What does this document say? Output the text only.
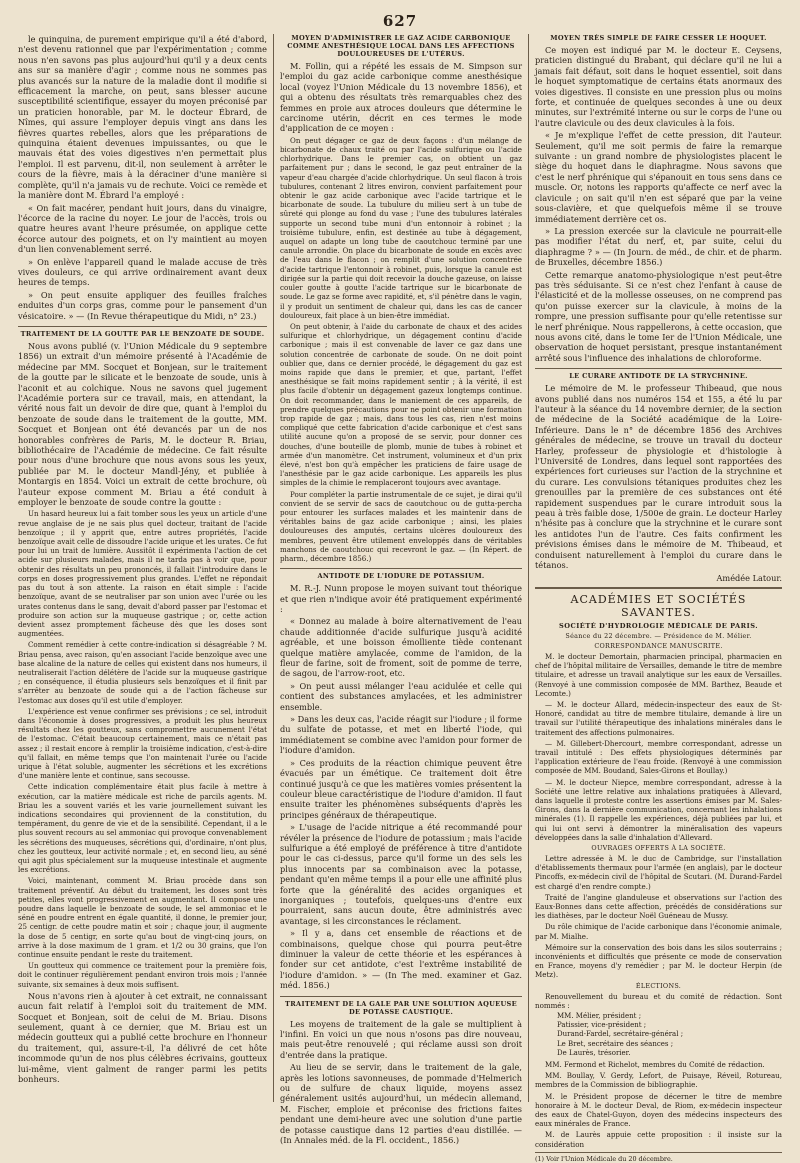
627

le quinquina, de purement empirique qu'il a été d'abord, n'est devenu rationnel que par l'expérimentation ; comme nous n'en savons pas plus aujourd'hui qu'il y a deux cents ans sur sa manière d'agir ; comme nous ne sommes pas plus avancés sur la nature de la maladie dont il modifie si efficacement la marche, on peut, sans blesser aucune susceptibilité scientifique, essayer du moyen préconisé par un praticien honorable, par M. le docteur Ébrard, de Nîmes, qui assure l'employer depuis vingt ans dans les fièvres quartes rebelles, alors que les préparations de quinquina étaient devenues impuissantes, ou que le mauvais état des voies digestives n'en permettait plus l'emploi. Il est parvenu, dit-il, non seulement à arrêter le cours de la fièvre, mais à la déraciner d'une manière si complète, qu'il n'a jamais vu de rechute. Voici ce remède et la manière dont M. Ébrard l'a employé :

« On fait macérer, pendant huit jours, dans du vinaigre, l'écorce de la racine du noyer. Le jour de l'accès, trois ou quatre heures avant l'heure présumée, on applique cette écorce autour des poignets, et on l'y maintient au moyen d'un lien convenablement serré.

» On enlève l'appareil quand le malade accuse de très vives douleurs, ce qui arrive ordinairement avant deux heures de temps.

» On peut ensuite appliquer des feuilles fraîches enduites d'un corps gras, comme pour le pansement d'un vésicatoire. » — (In Revue thérapeutique du Midi, n° 23.)

TRAITEMENT DE LA GOUTTE PAR LE BENZOATE DE SOUDE.

Nous avons publié (v. l'Union Médicale du 9 septembre 1856) un extrait d'un mémoire présenté à l'Académie de médecine par MM. Socquet et Bonjean, sur le traitement de la goutte par le silicate et le benzoate de soude, unis à l'aconit et au colchique. Nous ne savons quel jugement l'Académie portera sur ce travail, mais, en attendant, la vérité nous fait un devoir de dire que, quant à l'emploi du benzoate de soude dans le traitement de la goutte, MM. Socquet et Bonjean ont été devancés par un de nos honorables confrères de Paris, M. le docteur R. Briau, bibliothécaire de l'Académie de médecine. Ce fait résulte pour nous d'une brochure que nous avons sous les yeux, publiée par M. le docteur Mandl-Jény, et publiée à Montargis en 1854. Voici un extrait de cette brochure, où l'auteur expose comment M. Briau a été conduit à employer le benzoate de soude contre la goutte :

Un hasard heureux lui a fait tomber sous les yeux un article d'une revue anglaise de je ne sais plus quel docteur, traitant de l'acide benzoïque ; il y apprit que, entre autres propriétés, l'acide benzoïque avait celle de dissoudre l'acide urique et les urates. Ce fut pour lui un trait de lumière. Aussitôt il expérimenta l'action de cet acide sur plusieurs malades, mais il ne tarda pas à voir que, pour obtenir des résultats un peu prononcés, il fallait l'introduire dans le corps en doses progressivement plus grandes. L'effet ne répondait pas du tout à son attente. La raison en était simple : l'acide benzoïque, avant de se neutraliser par son union avec l'urée ou les urates contenus dans le sang, devait d'abord passer par l'estomac et produire son action sur la muqueuse gastrique ; or, cette action devient assez promptement fâcheuse dès que les doses sont augmentées.

Comment remédier à cette contre-indication si désagréable ? M. Briau pensa, avec raison, qu'en associant l'acide benzoïque avec une base alcaline de la nature de celles qui existent dans nos humeurs, il neutraliserait l'action délétère de l'acide sur la muqueuse gastrique ; en conséquence, il étudia plusieurs sels benzoïques et il finit par s'arrêter au benzoate de soude qui a de l'action fâcheuse sur l'estomac aux doses qu'il est utile d'employer.

L'expérience est venue confirmer ses prévisions ; ce sel, introduit dans l'économie à doses progressives, a produit les plus heureux résultats chez les goutteux, sans compromettre aucunement l'état de l'estomac. C'était beaucoup certainement, mais ce n'était pas assez ; il restait encore à remplir la troisième indication, c'est-à-dire qu'il fallait, en même temps que l'on maintenait l'urée ou l'acide urique à l'état soluble, augmenter les sécrétions et les excrétions d'une manière lente et continue, sans secousse.

Cette indication complémentaire était plus facile à mettre à exécution, car la matière médicale est riche de parcils agents. M. Briau les a souvent variés et les varie journellement suivant les indications secondaires qui proviennent de la constitution, du tempérament, du genre de vie et de la sensibilité. Cependant, il a le plus souvent recours au sel ammoniac qui provoque convenablement les sécrétions des muqueuses, sécrétions qui, d'ordinaire, n'ont plus, chez les goutteux, leur activité normale ; et, en second lieu, au séné qui agit plus spécialement sur la muqueuse intestinale et augmente les excrétions.

Voici, maintenant, comment M. Briau procède dans son traitement préventif. Au début du traitement, les doses sont très petites, elles vont progressivement en augmentant. Il compose une poudre dans laquelle le benzoate de soude, le sel ammoniac et le séné en poudre entrent en égale quantité, il donne, le premier jour, 25 centigr. de cette poudre matin et soir ; chaque jour, il augmente la dose de 5 centigr, en sorte qu'au bout de vingt-cinq jours, on arrive à la dose maximum de 1 gram. et 1/2 ou 30 grains, que l'on continue ensuite pendant le reste du traitement.

Un goutteux qui commence ce traitement pour la première fois, doit le continuer régulièrement pendant environ trois mois ; l'année suivante, six semaines à deux mois suffisent.

Nous n'avons rien à ajouter à cet extrait, ne connaissant aucun fait relatif à l'emploi soit du traitement de MM. Socquet et Bonjean, soit de celui de M. Briau. Disons seulement, quant à ce dernier, que M. Briau est un médecin goutteux qui a publié cette brochure en l'honneur du traitement, qui, assure-t-il, l'a délivré de cet hôte incommode qu'un de nos plus célèbres écrivains, goutteux lui-même, vient galment de ranger parmi les petits bonheurs.

MOYEN D'ADMINISTRER LE GAZ ACIDE CARBONIQUE COMME ANESTHÉSIQUE LOCAL DANS LES AFFECTIONS DOULOUREUSES DE L'UTÉRUS.

M. Follin, qui a répété les essais de M. Simpson sur l'emploi du gaz acide carbonique comme anesthésique local (voyez l'Union Médicale du 13 novembre 1856), et qui a obtenu des résultats très remarquables chez des femmes en proie aux atroces douleurs que détermine le carcinome utérin, décrit en ces termes le mode d'application de ce moyen :

On peut dégager ce gaz de deux façons : d'un mélange de bicarbonate de chaux traité ou par l'acide sulfurique ou l'acide chlorhydrique. Dans le premier cas, on obtient un gaz parfaitement pur ; dans le second, le gaz peut entraîner de la vapeur d'eau chargée d'acide chlorhydrique. Un seul flacon à trois tubulures, contenant 2 litres environ, convient parfaitement pour obtenir le gaz acide carbonique avec l'acide tartrique et le bicarbonate de soude. La tubulure du milieu sert à un tube de sûreté qui plonge au fond du vase ; l'une des tubulures latérales supporte un second tube muni d'un entonnoir à robinet ; la troisième tubulure, enfin, est destinée au tube à dégagement, auquel on adapte un long tube de caoutchouc terminé par une canule arrondie. On place du bicarbonate de soude en excès avec de l'eau dans le flacon ; on remplit d'une solution concentrée d'acide tartrique l'entonnoir à robinet, puis, lorsque la canule est dirigée sur la partie qui doit recevoir la douche gazeuse, on laisse couler goutte à goutte l'acide tartrique sur le bicarbonate de soude. Le gaz se forme avec rapidité, et, s'il pénètre dans le vagin, il y produit un sentiment de chaleur qui, dans les cas de cancer douloureux, fait place à un bien-être immédiat.

On peut obtenir, à l'aide du carbonate de chaux et des acides sulfurique et chlorhydrique, un dégagement continu d'acide carbonique ; mais il est convenable de laver ce gaz dans une solution concentrée de carbonate de soude. On ne doit point oublier que, dans ce dernier procédé, le dégagement du gaz est moins rapide que dans le premier, et que, partant, l'effet anesthésique se fait moins rapidement sentir ; à la vérité, il est plus facile d'obtenir un dégagement gazeux longtemps continue. On doit recommander, dans le maniement de ces appareils, de prendre quelques précautions pour ne point obtenir une formation trop rapide de gaz ; mais, dans tous les cas, rien n'est moins compliqué que cette fabrication d'acide carbonique et c'est sans utilité aucune qu'on a proposé de se servir, pour donner ces douches, d'une bouteille de plomb, munie de tubes à robinet et armée d'un manomètre. Cet instrument, volumineux et d'un prix élevé, n'est bon qu'à empêcher les praticiens de faire usage de l'anesthésie par le gaz acide carbonique. Les appareils les plus simples de la chimie le remplaceront toujours avec avantage.

Pour compléter la partie instrumentale de ce sujet, je dirai qu'il convient de se servir de sacs de caoutchouc ou de gutta-percha pour entourer les surfaces malades et les maintenir dans de véritables bains de gaz acide carbonique ; ainsi, les plaies douloureuses des amputés, certains ulcères douloureux des membres, peuvent être utilement enveloppés dans de véritables manchons de caoutchouc qui recevront le gaz. — (In Répert. de pharm., décembre 1856.)

ANTIDOTE DE L'IODURE DE POTASSIUM.

M. R.-J. Nunn propose le moyen suivant tout théorique et que rien n'indique avoir été pratiquement expérimenté :

« Donnez au malade à boire alternativement de l'eau chaude additionnée d'acide sulfurique jusqu'à acidité agréable, et une boisson émolliente tiède contenant quelque matière amylacée, comme de l'amidon, de la fleur de farine, soit de froment, soit de pomme de terre, de sagou, de l'arrow-root, etc.

» On peut aussi mélanger l'eau acidulée et celle qui contient des substances amylacées, et les administrer ensemble.

» Dans les deux cas, l'acide réagit sur l'iodure ; il forme du sulfate de potasse, et met en liberté l'iode, qui immédiatement se combine avec l'amidon pour former de l'iodure d'amidon.

» Ces produits de la réaction chimique peuvent être évacués par un émétique. Ce traitement doit être continué jusqu'à ce que les matières vomies présentent la couleur bleue caractéristique de l'iodure d'amidon. Il faut ensuite traiter les phénomènes subséquents d'après les principes généraux de thérapeutique.

» L'usage de l'acide nitrique a été recommandé pour révéler la présence de l'iodure de potassium ; mais l'acide sulfurique a été employé de préférence à titre d'antidote pour le cas ci-dessus, parce qu'il forme un des sels les plus innocents par sa combinaison avec la potasse, pendant qu'en même temps il a pour elle une affinité plus forte que la généralité des acides organiques et inorganiques ; toutefois, quelques-uns d'entre eux pourraient, sans aucun doute, être administrés avec avantage, si les circonstances le réclament.

» Il y a, dans cet ensemble de réactions et de combinaisons, quelque chose qui pourra peut-être diminuer la valeur de cette théorie et les espérances à fonder sur cet antidote, c'est l'extrême instabilité de l'iodure d'amidon. » — (In The med. examiner et Gaz. méd. 1856.)

TRAITEMENT DE LA GALE PAR UNE SOLUTION AQUEUSE DE POTASSE CAUSTIQUE.

Les moyens de traitement de la gale se multiplient à l'infini. En voici un que nous n'osons pas dire nouveau, mais peut-être renouvelé ; qui réclame aussi son droit d'entrée dans la pratique.

Au lieu de se servir, dans le traitement de la gale, après les lotions savonneuses, de pommade d'Helmerich ou de sulfure de chaux liquide, moyens assez généralement usités aujourd'hui, un médecin allemand, M. Fischer, emploie et préconise des frictions faites pendant une demi-heure avec une solution d'une partie de potasse caustique dans 12 parties d'eau distillée. — (In Annales méd. de la Fl. occident., 1856.)

MOYEN TRÈS SIMPLE DE FAIRE CESSER LE HOQUET.

Ce moyen est indiqué par M. le docteur E. Ceysens, praticien distingué du Brabant, qui déclare qu'il ne lui a jamais fait défaut, soit dans le hoquet essentiel, soit dans le hoquet symptomatique de certains états anormaux des voies digestives. Il consiste en une pression plus ou moins forte, et continuée de quelques secondes à une ou deux minutes, sur l'extrémité interne ou sur le corps de l'une ou l'autre clavicule ou des deux clavicules à la fois.

« Je m'explique l'effet de cette pression, dit l'auteur. Seulement, qu'il me soit permis de faire la remarque suivante : un grand nombre de physiologistes placent le siège du hoquet dans le diaphragme. Nous savons que c'est le nerf phrénique qui s'épanouit en tous sens dans ce muscle. Or, notons les rapports qu'affecte ce nerf avec la clavicule ; on sait qu'il n'en est séparé que par la veine sous-clavière, et que quelquefois même il se trouve immédiatement derrière cet os.

» La pression exercée sur la clavicule ne pourrait-elle pas modifier l'état du nerf, et, par suite, celui du diaphragme ? » — (In Journ. de méd., de chir. et de pharm. de Bruxelles, décembre 1856.)

Cette remarque anatomo-physiologique n'est peut-être pas très séduisante. Si ce n'est chez l'enfant à cause de l'élasticité et de la mollesse osseuses, on ne comprend pas qu'on puisse exercer sur la clavicule, à moins de la rompre, une pression suffisante pour qu'elle retentisse sur le nerf phrénique. Nous rappellerons, à cette occasion, que nous avons cité, dans le tome Ier de l'Union Médicale, une observation de hoquet persistant, presque instantanément arrêté sous l'influence des inhalations de chloroforme.

LE CURARE ANTIDOTE DE LA STRYCHNINE.

Le mémoire de M. le professeur Thibeaud, que nous avons publié dans nos numéros 154 et 155, a été lu par l'auteur à la séance du 14 novembre dernier, de la section de médecine de la Société académique de la Loire-Inférieure. Dans le n° de décembre 1856 des Archives générales de médecine, se trouve un travail du docteur Harley, professeur de physiologie et d'histologie à l'Université de Londres, dans lequel sont rapportées des expériences fort curieuses sur l'action de la strychnine et du curare. Les convulsions tétaniques produites chez les grenouilles par la première de ces substances ont été rapidement suspendues par le curare introduit sous la peau à très faible dose, 1/500e de grain. Le docteur Harley n'hésite pas à conclure que la strychnine et le curare sont les antidotes l'un de l'autre. Ces faits confirment les prévisions émises dans le mémoire de M. Thibeaud, et conduisent naturellement à l'emploi du curare dans le tétanos.

Amédée Latour.

ACADÉMIES ET SOCIÉTÉS SAVANTES.
SOCIÉTÉ D'HYDROLOGIE MÉDICALE DE PARIS.
Séance du 22 décembre. — Présidence de M. Mélier.
CORRESPONDANCE MANUSCRITE.

M. le docteur Demortain, pharmacien principal, pharmacien en chef de l'hôpital militaire de Versailles, demande le titre de membre titulaire, et adresse un travail analytique sur les eaux de Versailles. (Renvoyé à une commission composée de MM. Barthez, Beaude et Lecomte.)

— M. le docteur Allard, médecin-inspecteur des eaux de St-Honoré, candidat au titre de membre titulaire, demande à lire un travail sur l'utilité thérapeutique des inhalations minérales dans le traitement des affections pulmonaires.

— M. Gillebert-Dhercourt, membre correspondant, adresse un travail intitulé : Des effets physiologiques déterminés par l'application extérieure de l'eau froide. (Renvoyé à une commission composée de MM. Boudand, Sales-Girons et Boullay.)

— M. le docteur Niepce, membre correspondant, adresse à la Société une lettre relative aux inhalations pratiquées à Allevard, dans laquelle il proteste contre les assertions émises par M. Sales-Girons, dans la dernière communication, concernant les inhalations minérales (1). Il rappelle les expériences, déjà publiées par lui, et qui lui ont servi à démontrer la minéralisation des vapeurs développées dans la salle d'inhalation d'Allevard.

OUVRAGES OFFERTS À LA SOCIÉTÉ.

Lettre adressée à M. le duc de Cambridge, sur l'installation d'établissements thermaux pour l'armée (en anglais), par le docteur Pincoffs, ex-médecin civil de l'hôpital de Scutari. (M. Durand-Fardel est chargé d'en rendre compte.)

Traité de l'angine glanduleuse et observations sur l'action des Eaux-Bonnes dans cette affection, précédés de considérations sur les diathèses, par le docteur Noël Guéneau de Mussy.

Du rôle chimique de l'acide carbonique dans l'économie animale, par M. Mialhe.

Mémoire sur la conservation des bois dans les silos souterrains ; inconvénients et difficultés que présente ce mode de conservation en France, moyens d'y remédier ; par M. le docteur Herpin (de Metz).

ÉLECTIONS.

Renouvellement du bureau et du comité de rédaction. Sont nommés :

MM. Mélier, président ;
Patissier, vice-président ;
Durand-Fardel, secrétaire-général ;
Le Bret, secrétaire des séances ;
De Laurès, trésorier.

MM. Fermond et Richelot, membres du Comité de rédaction.

MM. Boullay, V. Gerdy, Lefort, de Puisaye, Réveil, Rotureau, membres de la Commission de bibliographie.

M. le Président propose de décerner le titre de membre honoraire à M. le docteur Deval, de Riom, ex-médecin inspecteur des eaux de Chatel-Guyon, doyen des médecins inspecteurs des eaux minérales de France.

M. de Laurès appuie cette proposition : il insiste sur la considération

(1) Voir l'Union Médicale du 20 décembre.
